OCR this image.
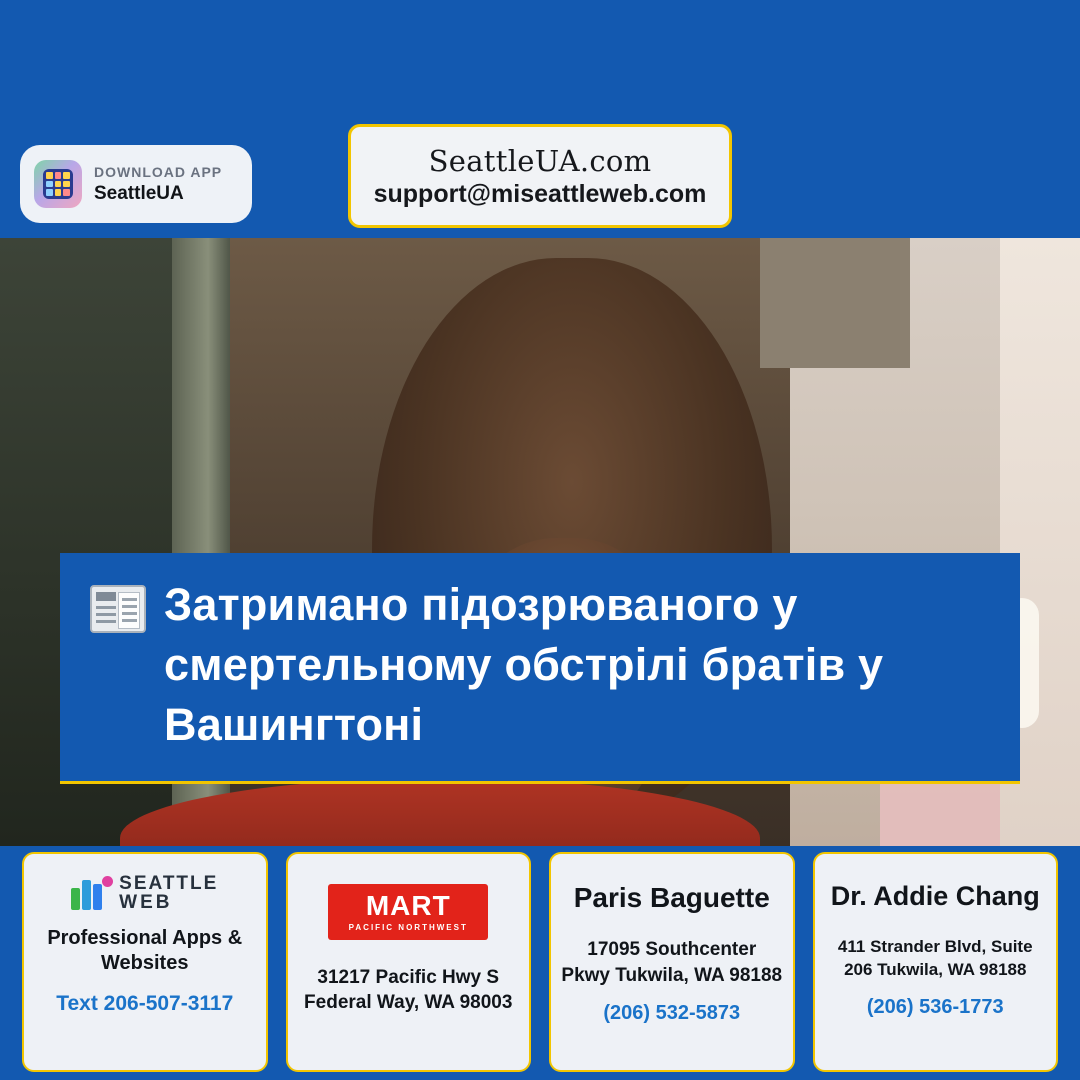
DOWNLOAD APP
SeattleUA
SeattleUA.com
support@miseattleweb.com
Затримано підозрюваного у смертельному обстрілі братів у Вашингтоні
SEATTLE
WEB
Professional Apps & Websites
Text 206-507-3117
MART
PACIFIC NORTHWEST
31217 Pacific Hwy S Federal Way, WA 98003
Paris Baguette
17095 Southcenter Pkwy Tukwila, WA 98188
(206) 532-5873
Dr. Addie Chang
411 Strander Blvd, Suite 206 Tukwila, WA 98188
(206) 536-1773
